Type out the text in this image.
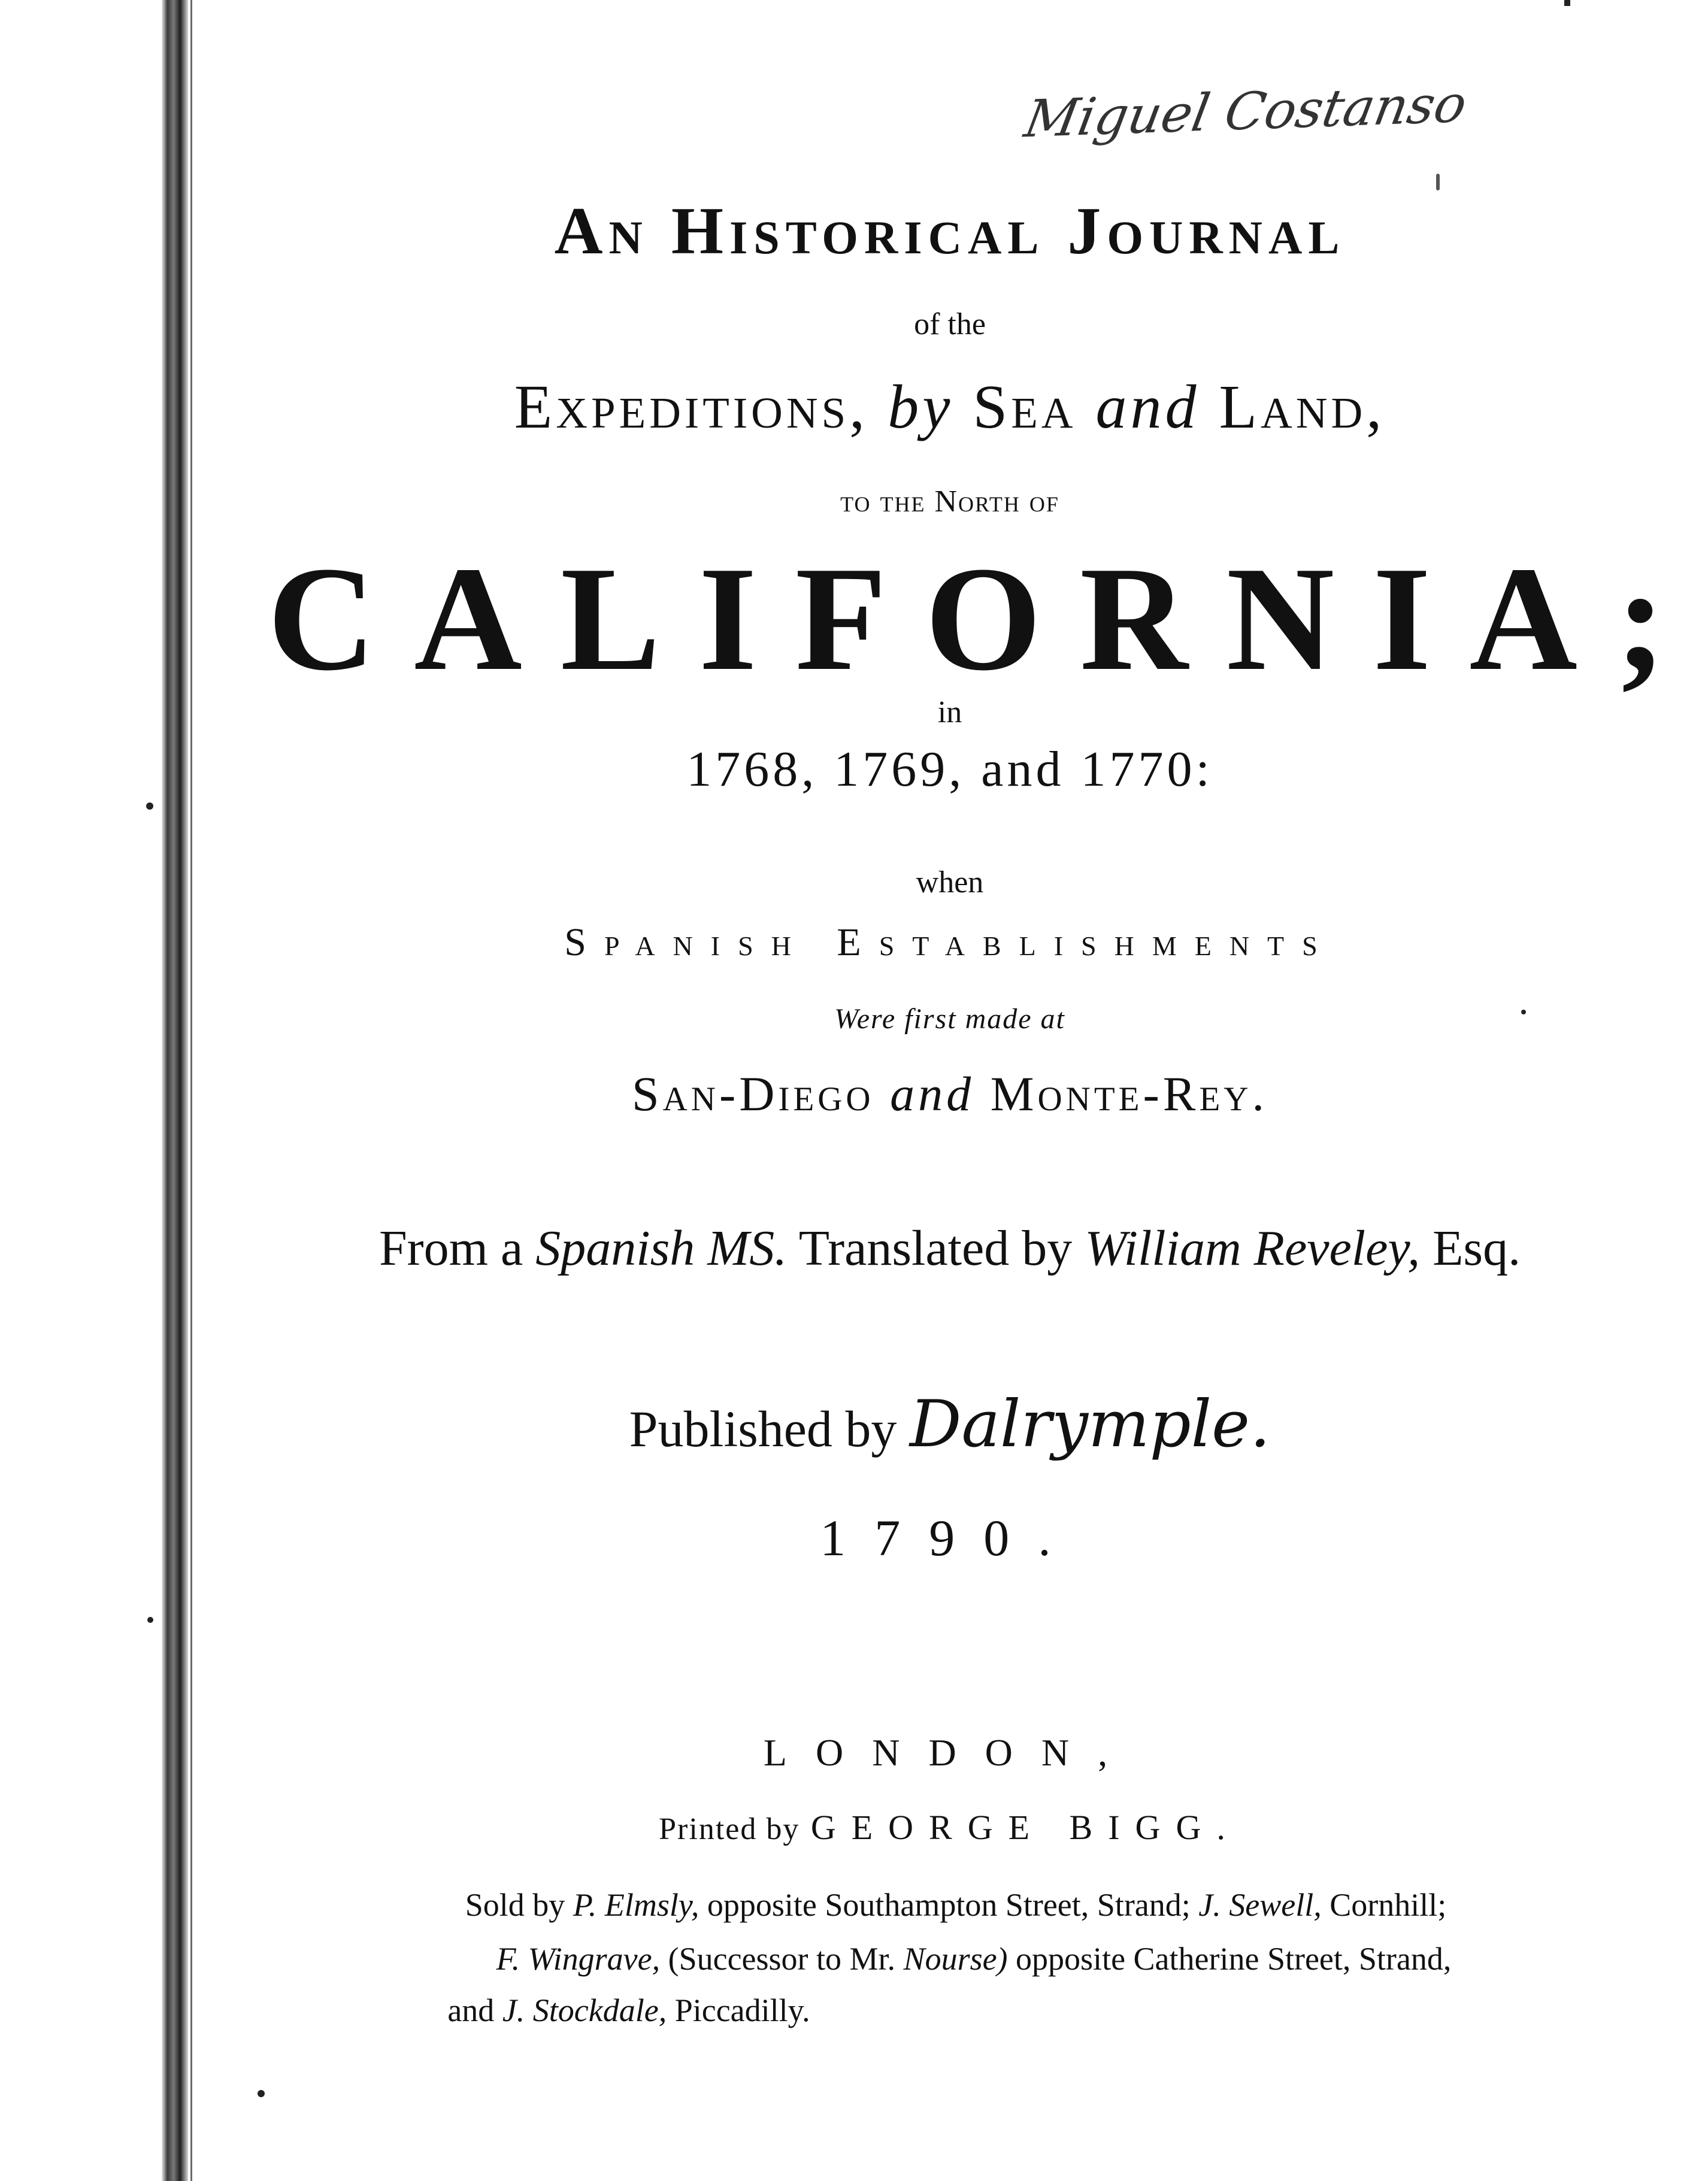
Miguel Costanso
An Historical Journal
of the
Expeditions, by Sea and Land,
to the North of
CALIFORNIA;
in
1768, 1769, and 1770:
when
Spanish Establishments
Were first made at
San-Diego and Monte-Rey.
From a Spanish MS. Translated by William Reveley, Esq.
Published by Dalrymple.
1790.
LONDON,
Printed by GEORGE BIGG.
Sold by P. Elmsly, opposite Southampton Street, Strand; J. Sewell, Cornhill;
F. Wingrave, (Successor to Mr. Nourse) opposite Catherine Street, Strand,
and J. Stockdale, Piccadilly.
